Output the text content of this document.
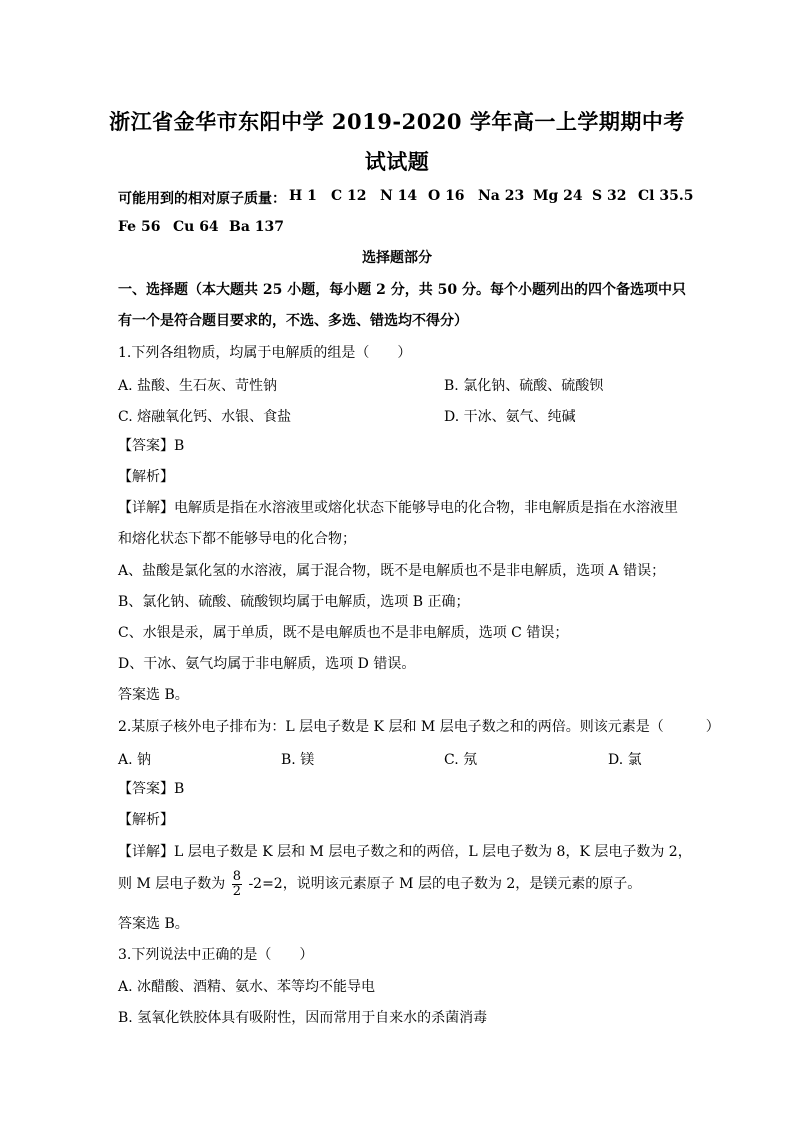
浙江省金华市东阳中学 2019-2020 学年高一上学期期中考
试试题
可能用到的相对原子质量： H 1 C 12 N 14 O 16 Na 23 Mg 24 S 32 Cl 35.5
Fe 56 Cu 64 Ba 137
选择题部分
一、选择题（本大题共 25 小题，每小题 2 分，共 50 分。每个小题列出的四个备选项中只
有一个是符合题目要求的，不选、多选、错选均不得分）
1.下列各组物质，均属于电解质的组是（　　）
A. 盐酸、生石灰、苛性钠	B. 氯化钠、硫酸、硫酸钡
C. 熔融氧化钙、水银、食盐	D. 干冰、氨气、纯碱
【答案】B
【解析】
【详解】电解质是指在水溶液里或熔化状态下能够导电的化合物，非电解质是指在水溶液里
和熔化状态下都不能够导电的化合物；
A、盐酸是氯化氢的水溶液，属于混合物，既不是电解质也不是非电解质，选项 A 错误；
B、氯化钠、硫酸、硫酸钡均属于电解质，选项 B 正确；
C、水银是汞，属于单质，既不是电解质也不是非电解质，选项 C 错误；
D、干冰、氨气均属于非电解质，选项 D 错误。
答案选 B。
2.某原子核外电子排布为：L 层电子数是 K 层和 M 层电子数之和的两倍。则该元素是（　　　）
A. 钠	B. 镁	C. 氖	D. 氯
【答案】B
【解析】
【详解】L 层电子数是 K 层和 M 层电子数之和的两倍，L 层电子数为 8，K 层电子数为 2，
则 M 层电子数为 $\frac{8}{2} -2=2$，说明该元素原子 M 层的电子数为 2，是镁元素的原子。
答案选 B。
3.下列说法中正确的是（　　）
A. 冰醋酸、酒精、氨水、苯等均不能导电
B. 氢氧化铁胶体具有吸附性，因而常用于自来水的杀菌消毒
